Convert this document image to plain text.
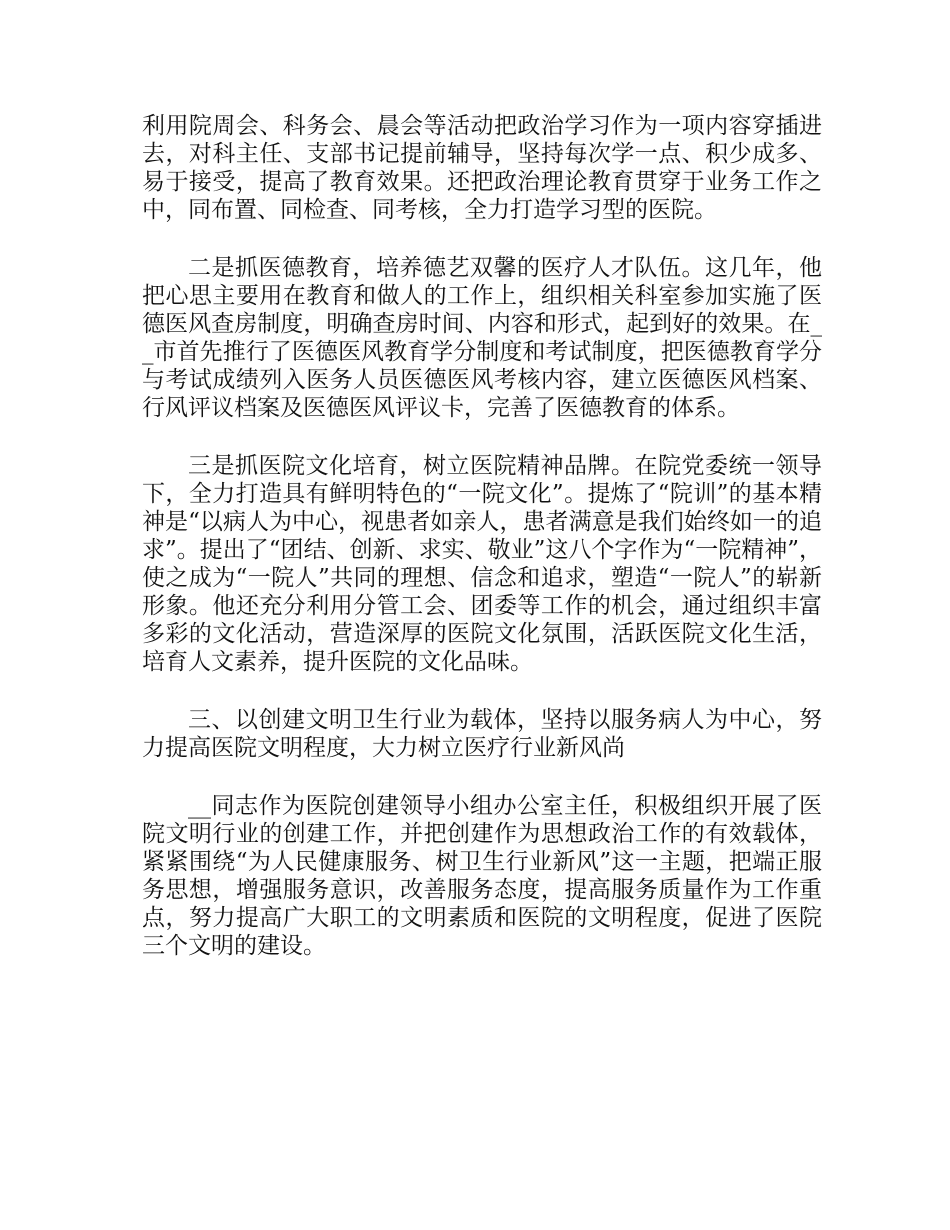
利用院周会、科务会、晨会等活动把政治学习作为一项内容穿插进去，对科主任、支部书记提前辅导，坚持每次学一点、积少成多、易于接受，提高了教育效果。还把政治理论教育贯穿于业务工作之中，同布置、同检查、同考核，全力打造学习型的医院。

二是抓医德教育，培养德艺双馨的医疗人才队伍。这几年，他把心思主要用在教育和做人的工作上，组织相关科室参加实施了医德医风查房制度，明确查房时间、内容和形式，起到好的效果。在__市首先推行了医德医风教育学分制度和考试制度，把医德教育学分与考试成绩列入医务人员医德医风考核内容，建立医德医风档案、行风评议档案及医德医风评议卡，完善了医德教育的体系。

三是抓医院文化培育，树立医院精神品牌。在院党委统一领导下，全力打造具有鲜明特色的“一院文化”。提炼了“院训”的基本精神是“以病人为中心，视患者如亲人，患者满意是我们始终如一的追求”。提出了“团结、创新、求实、敬业”这八个字作为“一院精神”，使之成为“一院人”共同的理想、信念和追求，塑造“一院人”的崭新形象。他还充分利用分管工会、团委等工作的机会，通过组织丰富多彩的文化活动，营造深厚的医院文化氛围，活跃医院文化生活，培育人文素养，提升医院的文化品味。

三、以创建文明卫生行业为载体，坚持以服务病人为中心，努力提高医院文明程度，大力树立医疗行业新风尚

__同志作为医院创建领导小组办公室主任，积极组织开展了医院文明行业的创建工作，并把创建作为思想政治工作的有效载体，紧紧围绕“为人民健康服务、树卫生行业新风”这一主题，把端正服务思想，增强服务意识，改善服务态度，提高服务质量作为工作重点，努力提高广大职工的文明素质和医院的文明程度，促进了医院三个文明的建设。
